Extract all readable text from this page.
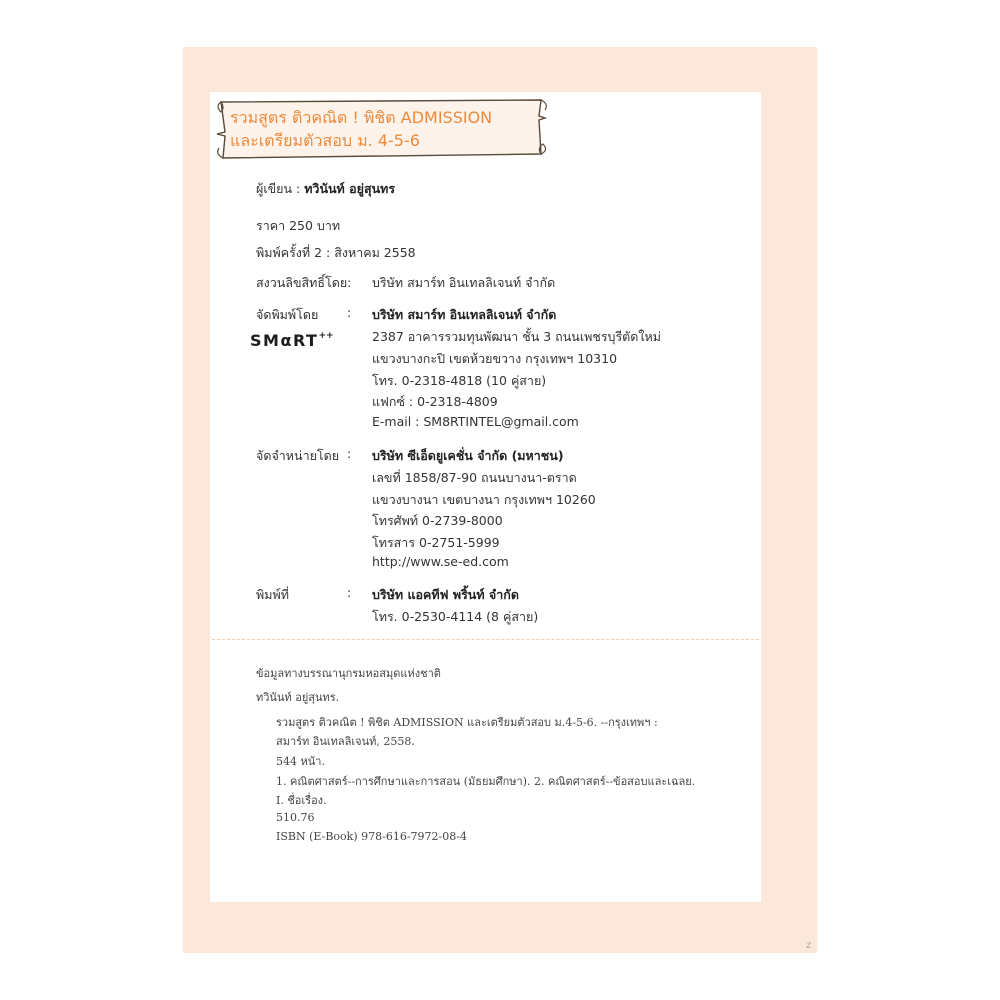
รวมสูตร ติวคณิต ! พิชิต ADMISSION
และเตรียมตัวสอบ ม. 4-5-6
ผู้เขียน : ทวินันท์ อยู่สุนทร
ราคา 250 บาท
พิมพ์ครั้งที่ 2 : สิงหาคม 2558
สงวนลิขสิทธิ์โดย: บริษัท สมาร์ท อินเทลลิเจนท์ จำกัด
จัดพิมพ์โดย : บริษัท สมาร์ท อินเทลลิเจนท์ จำกัด
SMαRT++	2387 อาคารรวมทุนพัฒนา ชั้น 3 ถนนเพชรบุรีตัดใหม่
แขวงบางกะปิ เขตห้วยขวาง กรุงเทพฯ 10310
โทร. 0-2318-4818 (10 คู่สาย)
แฟกซ์ : 0-2318-4809
E-mail : SM8RTINTEL@gmail.com
จัดจำหน่ายโดย : บริษัท ซีเอ็ดยูเคชั่น จำกัด (มหาชน)
เลขที่ 1858/87-90 ถนนบางนา-ตราด
แขวงบางนา เขตบางนา กรุงเทพฯ 10260
โทรศัพท์ 0-2739-8000
โทรสาร 0-2751-5999
http://www.se-ed.com
พิมพ์ที่	: บริษัท แอคทีฟ พริ้นท์ จำกัด
โทร. 0-2530-4114 (8 คู่สาย)
ข้อมูลทางบรรณานุกรมหอสมุดแห่งชาติ
ทวินันท์ อยู่สุนทร.
รวมสูตร ติวคณิต ! พิชิต ADMISSION และเตรียมตัวสอบ ม.4-5-6. --กรุงเทพฯ :
สมาร์ท อินเทลลิเจนท์, 2558.
544 หน้า.
1. คณิตศาสตร์--การศึกษาและการสอน (มัธยมศึกษา). 2. คณิตศาสตร์--ข้อสอบและเฉลย.
I. ชื่อเรื่อง.
510.76
ISBN (E-Book) 978-616-7972-08-4
z
